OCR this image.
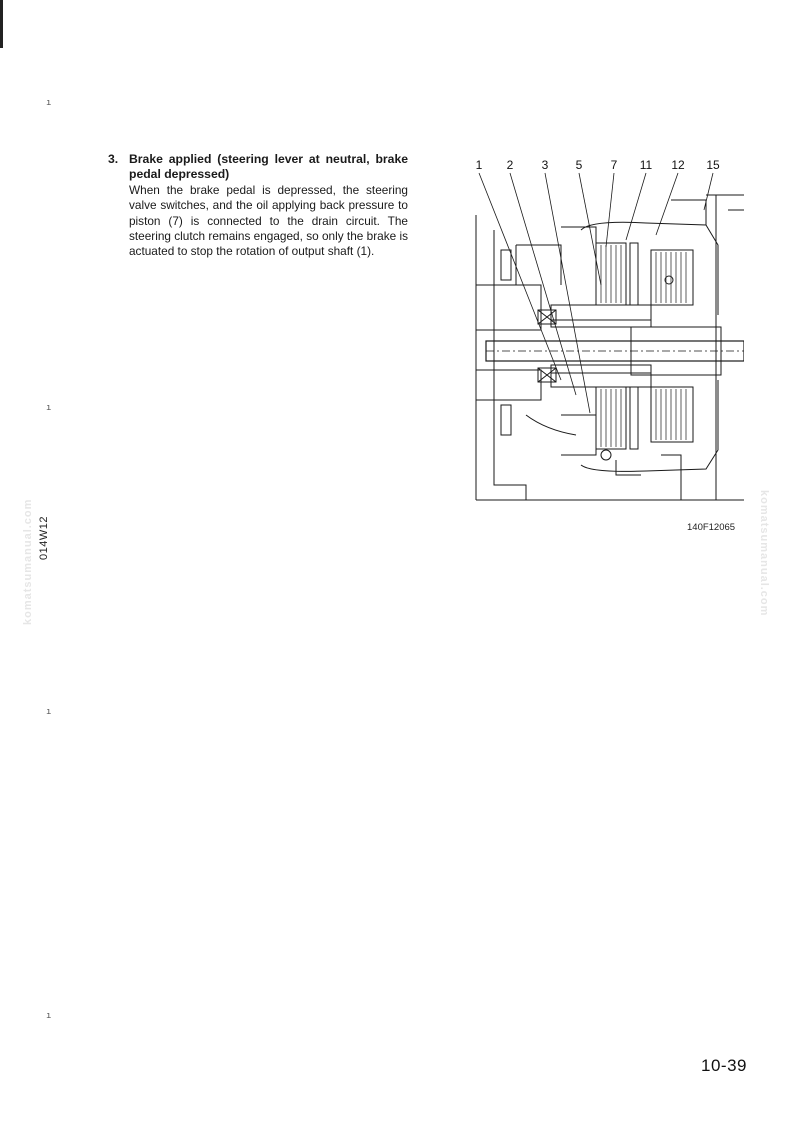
ı
ı
ı
ı
014W12
komatsumanual.com	komatsumanual.com
3. Brake applied (steering lever at neutral, brake pedal depressed)

When the brake pedal is depressed, the steering valve switches, and the oil applying back pressure to piston (7) is connected to the drain circuit. The steering clutch remains engaged, so only the brake is actuated to stop the rotation of output shaft (1).

1 2 3 5 7 11 12 15
140F12065
10-39
